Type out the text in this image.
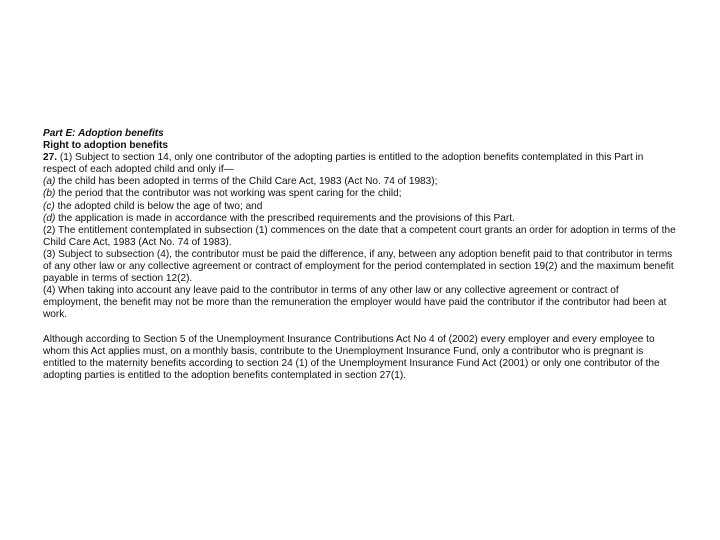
Part E: Adoption benefits

Right to adoption benefits

27. (1) Subject to section 14, only one contributor of the adopting parties is entitled to the adoption benefits contemplated in this Part in respect of each adopted child and only if—

(a) the child has been adopted in terms of the Child Care Act, 1983 (Act No. 74 of 1983);

(b) the period that the contributor was not working was spent caring for the child;

(c) the adopted child is below the age of two; and

(d) the application is made in accordance with the prescribed requirements and the provisions of this Part.

(2) The entitlement contemplated in subsection (1) commences on the date that a competent court grants an order for adoption in terms of the Child Care Act, 1983 (Act No. 74 of 1983).

(3) Subject to subsection (4), the contributor must be paid the difference, if any, between any adoption benefit paid to that contributor in terms of any other law or any collective agreement or contract of employment for the period contemplated in section 19(2) and the maximum benefit payable in terms of section 12(2).

(4) When taking into account any leave paid to the contributor in terms of any other law or any collective agreement or contract of employment, the benefit may not be more than the remuneration the employer would have paid the contributor if the contributor had been at work.

Although according to Section 5 of the Unemployment Insurance Contributions Act No 4 of (2002) every employer and every employee to whom this Act applies must, on a monthly basis, contribute to the Unemployment Insurance Fund, only a contributor who is pregnant is entitled to the maternity benefits according to section 24 (1) of the Unemployment Insurance Fund Act (2001) or only one contributor of the adopting parties is entitled to the adoption benefits contemplated in section 27(1).
